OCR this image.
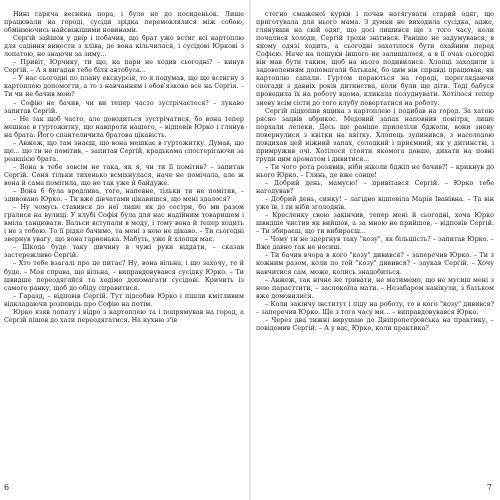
Нині гаряча весняна пора, і було не до посиденьок. Лише працювали на городі, сусіди зрідка перемовлялися між собою, обмінюючись найсвіжішими новинами.

Сергій зайшов у двір і побачив, що брат уже встиг всі картоплю для садіння винести з хліва, де вона кільчилася, і сусідові Юркові з лопатою, не знаючи за зиму...

– Привіт, Юрчику, ти що, на пари не ходив сьогодні? – кинув Сергій. – А я вигадав тебе біля автобуса...

– У нас сьогодні по плану екскурсія, то я подумав, що ще встигну з картоплею допомогти, а то з навчанням і обов'язково все на Сергія. – Ти чи не бачив мою?

– Софію не бачив, чи ви тепер часто зустрічаєтеся? – лукаво запитав Сергій.

– Не так щоб часто, але доводиться зустрічатися, бо вона тепер мешкає в гуртожитку, що навпроти нашого, – відповів Юрко і глянув на брата. Його спантеличила братова цікавість.

– Авжеж, що там знаєш, що вона мешкає в гуртожитку. Думав, що ще... що ти не помітив, – запитав Сергій, крадькома спостерігаючи за реакцією брата.

– Вона в тебе зовсім не така, як я, чи ти її помітив? – запитав Сергій. Соня тільки тихенько всміхнулася, наче не помічала, але ж вона й сама помітила, що не так уже й байдуже.

– Вона б була вродлива, того, напевне, тільки ти не помітив, – здивовано Юрко. – Ти вже дівчатами цікавишся, що мені здалося?

– Ну чомусь ставився до неї лише як до сестри, бо ми разом гралися на вулиці. У клубі Софія була для нас надійним товаришем і вміла танцювати. Вальси вступали в моду, і тому вона й тепер ходить і не з тобою. То її рідко бачимо, та мені з нею не цікаво. – Ти сьогодні звернув увагу, що вона гарненька. Мабуть, уже й хлопця має.

– Шкода буде таку дівчину в чужі руки віддати, – сказав застережливо Сергій.

– Хто тебе взагалі про це питає? Ну, вона вільна, і що захочу, те й буде. – Моя справа, що вільна, – виправдовувався сусідку Юрко. – Ти швидше переодягайся та ходімо допомагати сусідові. Кричить із самого ранку, щоб до обіду справитися.

– Гаразд, – відповів Сергій. Тут підсобив Юрко і пішли кмітливим відкладаючи розповідь про Софію на потім.

Юрко взяв лопату і відро з картоплею та і попрямував на город, а Сергій пішов до хати переодягатися. На кухню з'їв

6

стегно смаженої курки і почав натягувати старий одяг, що приготувала для нього мама. З думки не виходила сусідка, адже, глянувши на свій одяг, що досі лишився ще з того часу, коли почалися холоди, Сергій трохи знітився. Раніше не задумувався, в якому одязі ходить, а сьогодні захотілося бути охайним перед Софією. Наче на пошуки іншого не залишалося, а в її очах сьогодні він мав бути таким, щоб на нього подивилися. Хлопці заходили з задоволенням допомагали батькам, бо цим він справді працював, як картоплю сапали. Гуртом пораються на городі, переглядаючи спогади з давніх років дитинства, коли були ще діти. Тоді бабуся проводила їх на роботу вдома, кликала полуднувати. Хотілося тепер знову всім сісти до того клубу повертатися на роботу.

Сергій підхопив ящика з картоплею і подибав на город. За хатою рясно зацвів абрикос. Медовий запах наповнив повітря, лише порхали лелеки. Десь ще раніше прилетіли бджоли, вони знову повернулися з квітки на квітку. Хлопець зупинився, з насолодою повдихав цей ніжний запах, солодкий і приємний, як у дитинстві, і примружив очі. Хотілося стояти якомога довше, дихати на повні груди цим ароматом і дивитися...

– Ти чого рота розявив, ніби ніколи бджіл не бачив?! – крикнув до нього Юрко. – Глянь, де вже сонце!

– Добрий день, мамусю! – привітався Сергій. – Юрко тебе нагодував?

– Добрий день, синку! – лагідно відповіла Марія Іванівна. – Та він уже їв, і ти ніби зголоднів.

– Кресленку свою закінчив, тепер мені й сьогодні, хоча Юрко швидше чистив як вийшов, а за мною не прийшов, – відповів Сергій. – Ти збираєш, що ти вибираєш...

– Чому ти не здергнув таку "козу", як більшість? – запитав Юрко. – Вже давно так не носиш.

– Ти бачив вчора в кого "козу" дивився? – заперечив Юрко. – Ти з кожним разом, коли по той "козу" дивився? – заукав Сергій. – Хочу навчитися сам, може, колись знадобиться.

– Авжеж, так нічне не тривати, не матимемо, що не мусиш мені з нею парасттити, – заспокоїла мати. – Незабаром канікули, з батьком вже домовилися.

– Коли закінчу інститут і піду на роботу, то в кого "козу" дивився? – заперечив Юрко. Ще з того часу ми... – виправдовувався Юрко.

– Через два тижні вирушаю до Дніпропетровська на практику, – повідомив Сергій. – А у вас, Юрко, коли практика?

7
